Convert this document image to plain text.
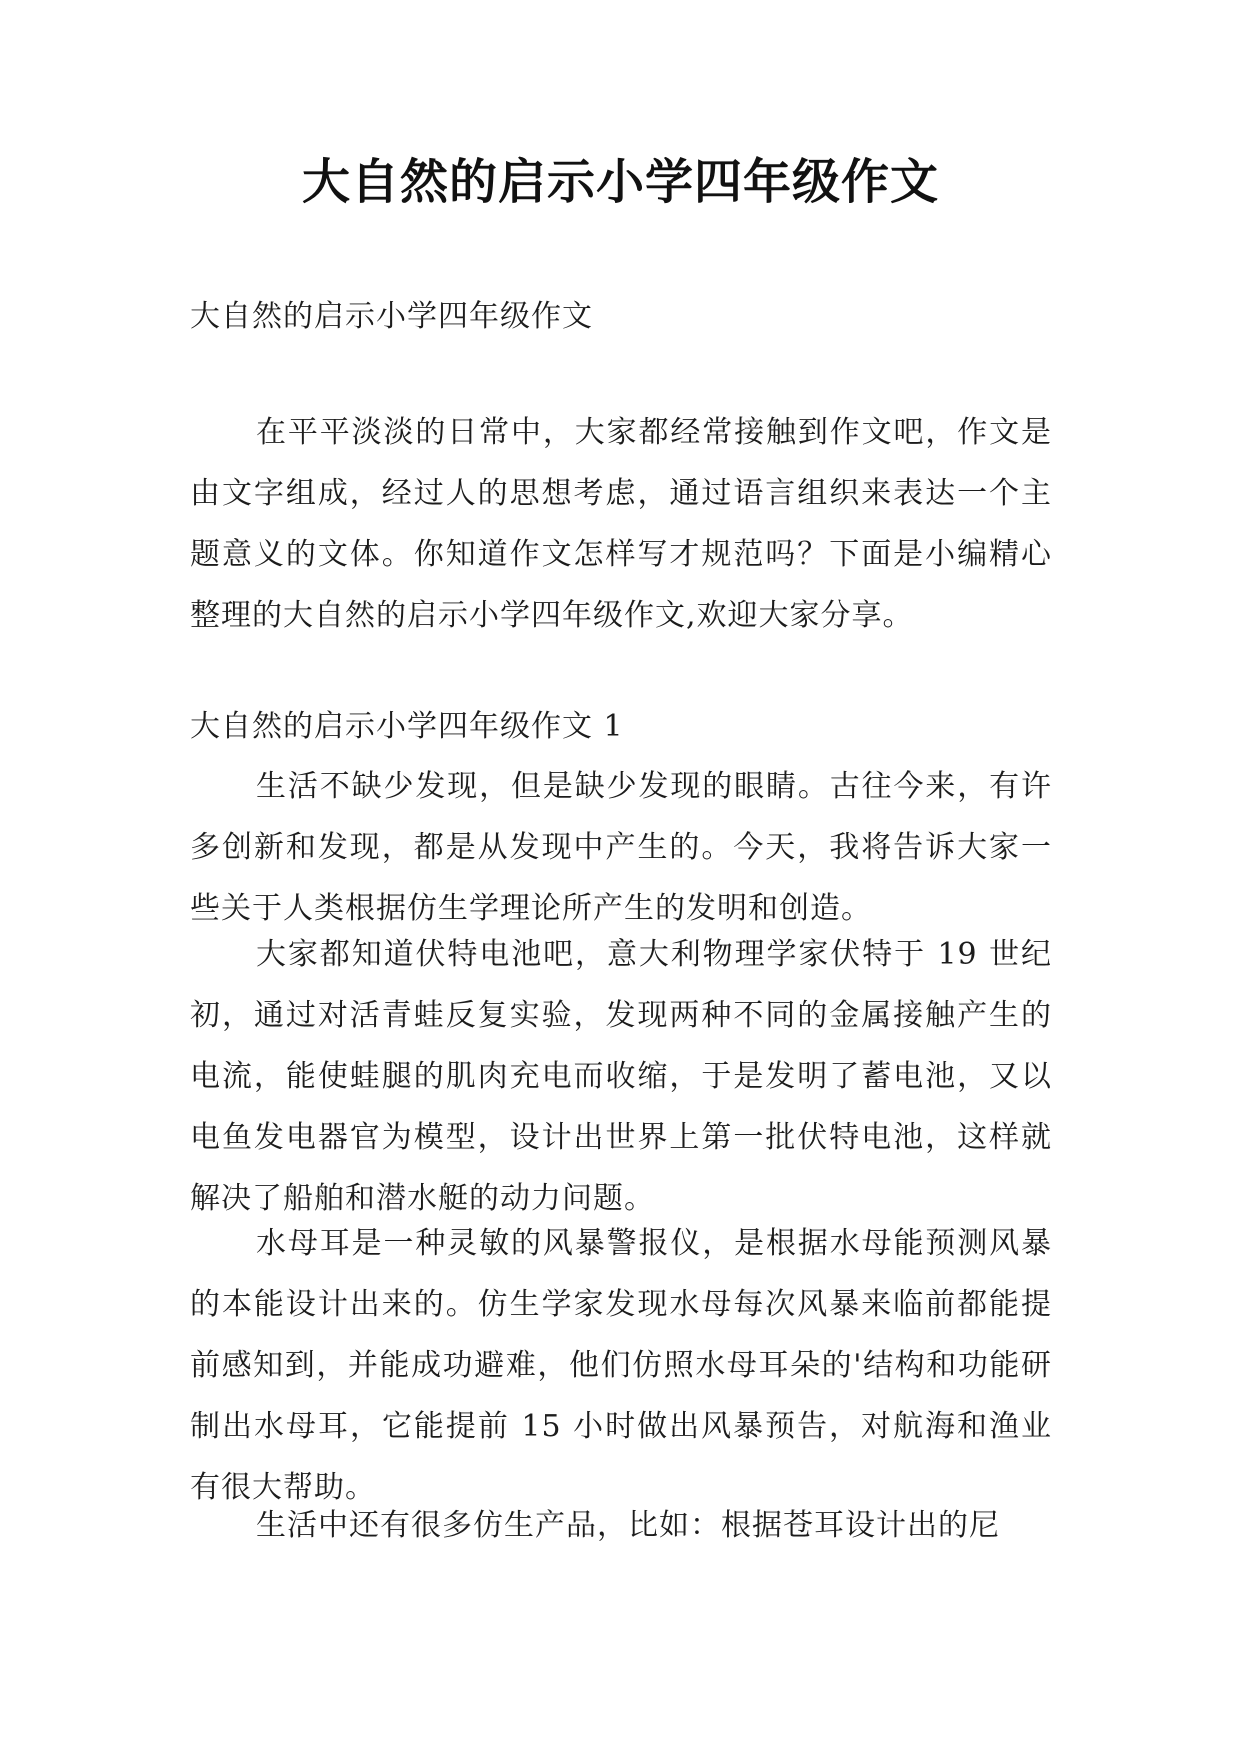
大自然的启示小学四年级作文
大自然的启示小学四年级作文
在平平淡淡的日常中，大家都经常接触到作文吧，作文是由文字组成，经过人的思想考虑，通过语言组织来表达一个主题意义的文体。你知道作文怎样写才规范吗？下面是小编精心整理的大自然的启示小学四年级作文,欢迎大家分享。
大自然的启示小学四年级作文 1
生活不缺少发现，但是缺少发现的眼睛。古往今来，有许多创新和发现，都是从发现中产生的。今天，我将告诉大家一些关于人类根据仿生学理论所产生的发明和创造。
大家都知道伏特电池吧，意大利物理学家伏特于 19 世纪初，通过对活青蛙反复实验，发现两种不同的金属接触产生的电流，能使蛙腿的肌肉充电而收缩，于是发明了蓄电池，又以电鱼发电器官为模型，设计出世界上第一批伏特电池，这样就解决了船舶和潜水艇的动力问题。
水母耳是一种灵敏的风暴警报仪，是根据水母能预测风暴的本能设计出来的。仿生学家发现水母每次风暴来临前都能提前感知到，并能成功避难，他们仿照水母耳朵的'结构和功能研制出水母耳，它能提前 15 小时做出风暴预告，对航海和渔业有很大帮助。
生活中还有很多仿生产品，比如：根据苍耳设计出的尼
